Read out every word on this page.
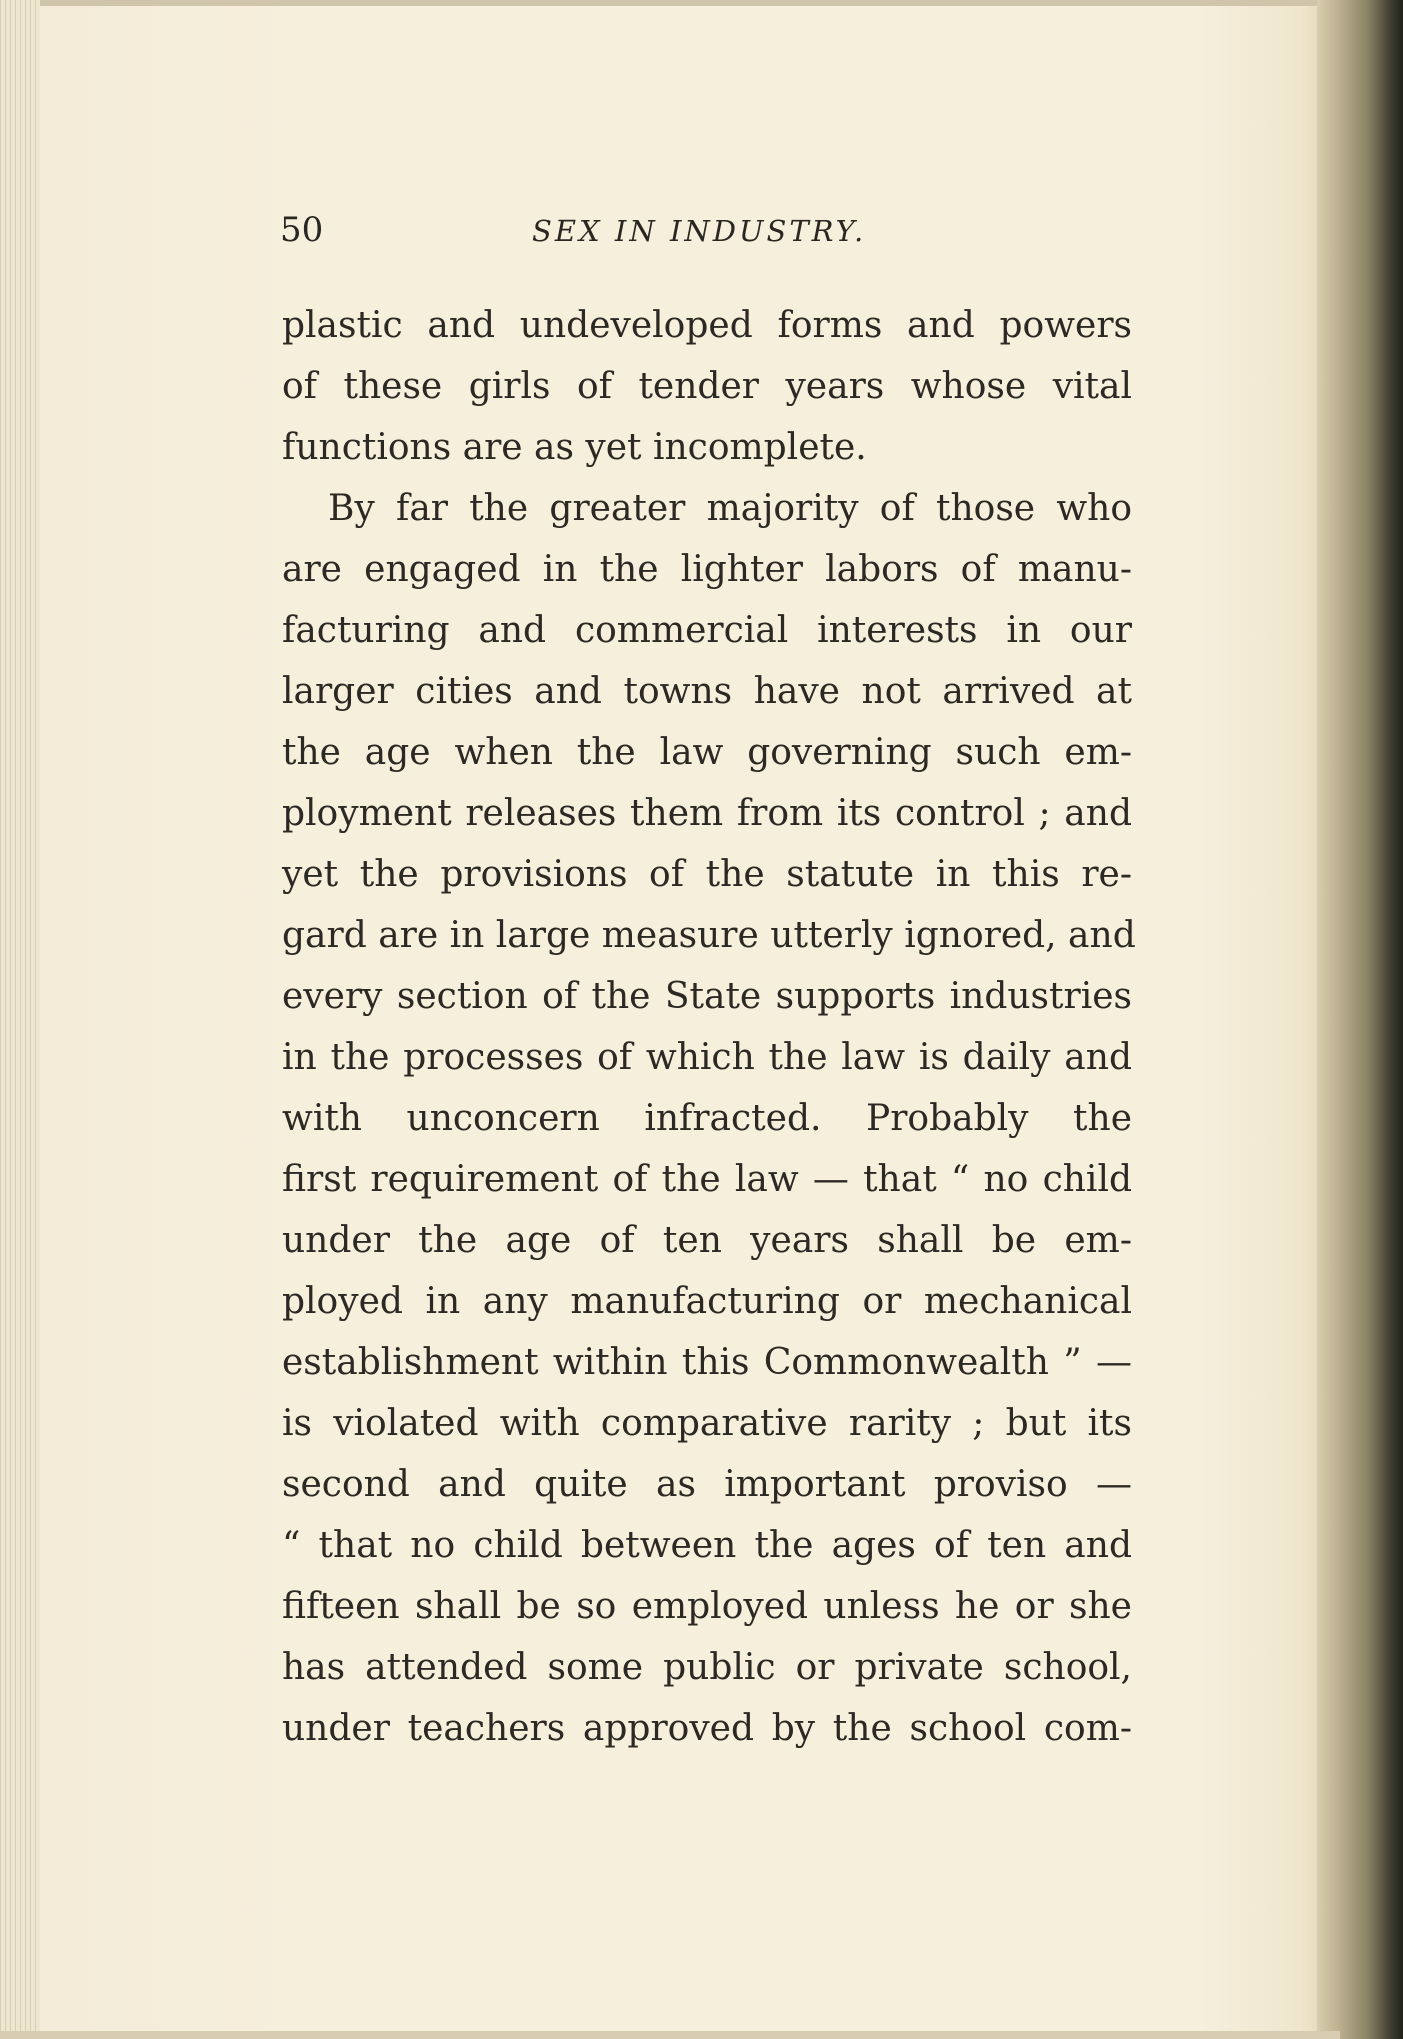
50	SEX IN INDUSTRY.
plastic and undeveloped forms and powers
of these girls of tender years whose vital
functions are as yet incomplete.
By far the greater majority of those who
are engaged in the lighter labors of manu-
facturing and commercial interests in our
larger cities and towns have not arrived at
the age when the law governing such em-
ployment releases them from its control ; and
yet the provisions of the statute in this re-
gard are in large measure utterly ignored, and
every section of the State supports industries
in the processes of which the law is daily and
with unconcern infracted. Probably the
first requirement of the law — that “ no child
under the age of ten years shall be em-
ployed in any manufacturing or mechanical
establishment within this Commonwealth ” —
is violated with comparative rarity ; but its
second and quite as important proviso —
“ that no child between the ages of ten and
fifteen shall be so employed unless he or she
has attended some public or private school,
under teachers approved by the school com-
